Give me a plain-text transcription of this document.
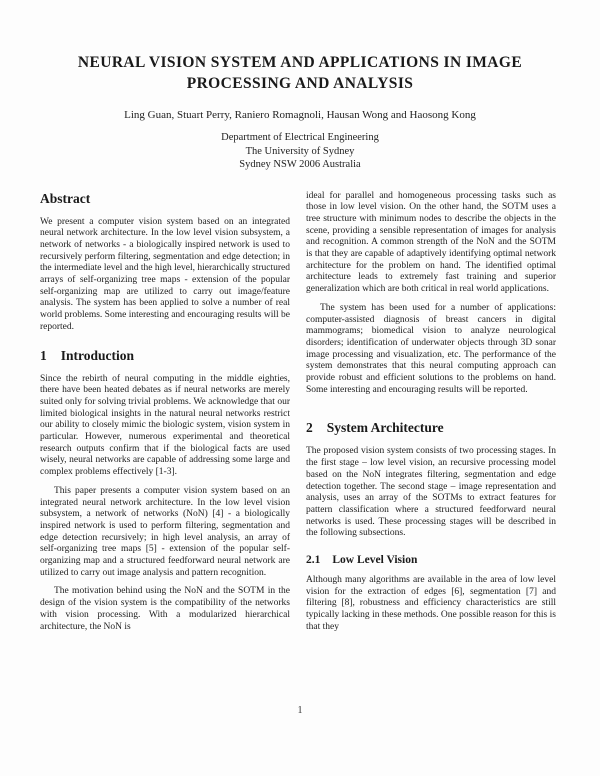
NEURAL VISION SYSTEM AND APPLICATIONS IN IMAGE PROCESSING AND ANALYSIS
Ling Guan, Stuart Perry, Raniero Romagnoli, Hausan Wong and Haosong Kong
Department of Electrical Engineering
The University of Sydney
Sydney NSW 2006 Australia
Abstract

We present a computer vision system based on an integrated neural network architecture. In the low level vision subsystem, a network of networks - a biologically inspired network is used to recursively perform filtering, segmentation and edge detection; in the intermediate level and the high level, hierarchically structured arrays of self-organizing tree maps - extension of the popular self-organizing map are utilized to carry out image/feature analysis. The system has been applied to solve a number of real world problems. Some interesting and encouraging results will be reported.

1 Introduction

Since the rebirth of neural computing in the middle eighties, there have been heated debates as if neural networks are merely suited only for solving trivial problems. We acknowledge that our limited biological insights in the natural neural networks restrict our ability to closely mimic the biologic system, vision system in particular. However, numerous experimental and theoretical research outputs confirm that if the biological facts are used wisely, neural networks are capable of addressing some large and complex problems effectively [1-3].

This paper presents a computer vision system based on an integrated neural network architecture. In the low level vision subsystem, a network of networks (NoN) [4] - a biologically inspired network is used to perform filtering, segmentation and edge detection recursively; in high level analysis, an array of self-organizing tree maps [5] - extension of the popular self-organizing map and a structured feedforward neural network are utilized to carry out image analysis and pattern recognition.

The motivation behind using the NoN and the SOTM in the design of the vision system is the compatibility of the networks with vision processing. With a modularized hierarchical architecture, the NoN is

ideal for parallel and homogeneous processing tasks such as those in low level vision. On the other hand, the SOTM uses a tree structure with minimum nodes to describe the objects in the scene, providing a sensible representation of images for analysis and recognition. A common strength of the NoN and the SOTM is that they are capable of adaptively identifying optimal network architecture for the problem on hand. The identified optimal architecture leads to extremely fast training and superior generalization which are both critical in real world applications.

The system has been used for a number of applications: computer-assisted diagnosis of breast cancers in digital mammograms; biomedical vision to analyze neurological disorders; identification of underwater objects through 3D sonar image processing and visualization, etc. The performance of the system demonstrates that this neural computing approach can provide robust and efficient solutions to the problems on hand. Some interesting and encouraging results will be reported.

2 System Architecture

The proposed vision system consists of two processing stages. In the first stage – low level vision, an recursive processing model based on the NoN integrates filtering, segmentation and edge detection together. The second stage – image representation and analysis, uses an array of the SOTMs to extract features for pattern classification where a structured feedforward neural networks is used. These processing stages will be described in the following subsections.

2.1 Low Level Vision

Although many algorithms are available in the area of low level vision for the extraction of edges [6], segmentation [7] and filtering [8], robustness and efficiency characteristics are still typically lacking in these methods. One possible reason for this is that they

1
